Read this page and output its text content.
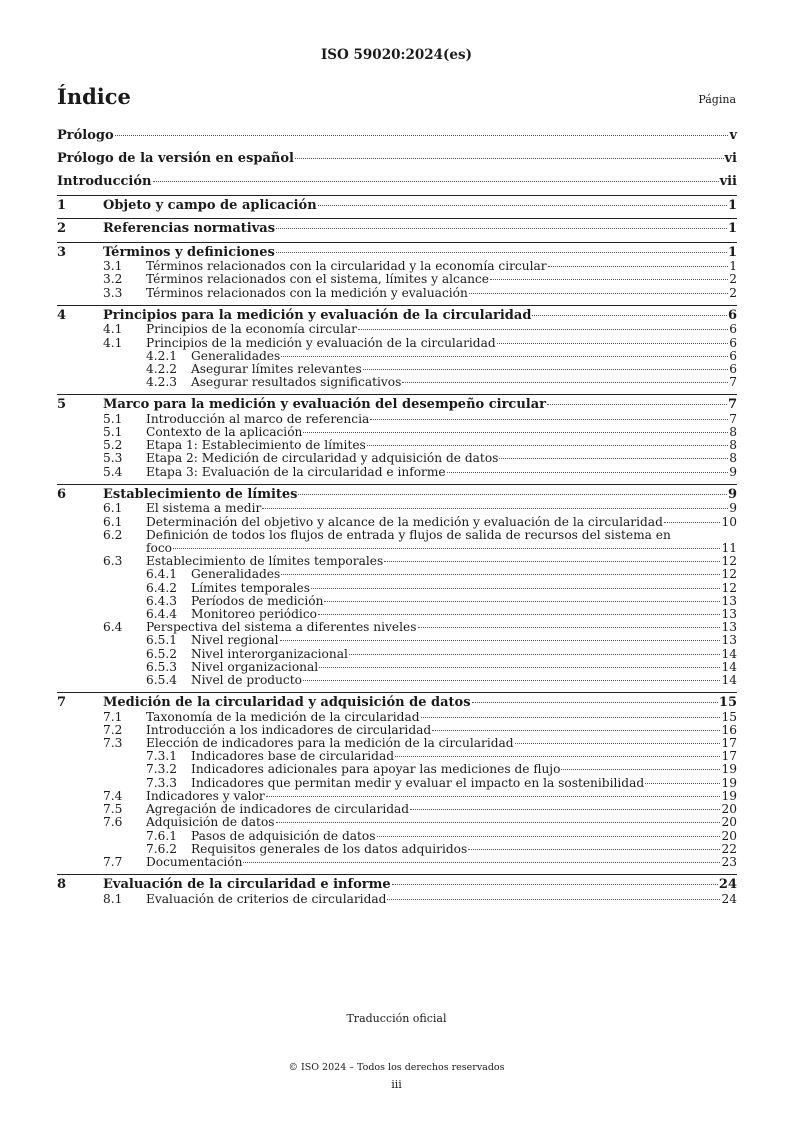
ISO 59020:2024(es)
Índice	Página
Prólogo	v
Prólogo de la versión en español	vi
Introducción	vii
1	Objeto y campo de aplicación	1
2	Referencias normativas	1
3	Términos y definiciones	1
3.1	Términos relacionados con la circularidad y la economía circular	1
3.2	Términos relacionados con el sistema, límites y alcance	2
3.3	Términos relacionados con la medición y evaluación	2
4	Principios para la medición y evaluación de la circularidad	6
4.1	Principios de la economía circular	6
4.1	Principios de la medición y evaluación de la circularidad	6
4.2.1	Generalidades	6
4.2.2	Asegurar límites relevantes	6
4.2.3	Asegurar resultados significativos	7
5	Marco para la medición y evaluación del desempeño circular	7
5.1	Introducción al marco de referencia	7
5.1	Contexto de la aplicación	8
5.2	Etapa 1: Establecimiento de límites	8
5.3	Etapa 2: Medición de circularidad y adquisición de datos	8
5.4	Etapa 3: Evaluación de la circularidad e informe	9
6	Establecimiento de límites	9
6.1	El sistema a medir	9
6.1	Determinación del objetivo y alcance de la medición y evaluación de la circularidad	10
6.2	Definición de todos los flujos de entrada y flujos de salida de recursos del sistema en
foco	11
6.3	Establecimiento de límites temporales	12
6.4.1	Generalidades	12
6.4.2	Límites temporales	12
6.4.3	Períodos de medición	13
6.4.4	Monitoreo periódico	13
6.4	Perspectiva del sistema a diferentes niveles	13
6.5.1	Nivel regional	13
6.5.2	Nivel interorganizacional	14
6.5.3	Nivel organizacional	14
6.5.4	Nivel de producto	14
7	Medición de la circularidad y adquisición de datos	15
7.1	Taxonomía de la medición de la circularidad	15
7.2	Introducción a los indicadores de circularidad	16
7.3	Elección de indicadores para la medición de la circularidad	17
7.3.1	Indicadores base de circularidad	17
7.3.2	Indicadores adicionales para apoyar las mediciones de flujo	19
7.3.3	Indicadores que permitan medir y evaluar el impacto en la sostenibilidad	19
7.4	Indicadores y valor	19
7.5	Agregación de indicadores de circularidad	20
7.6	Adquisición de datos	20
7.6.1	Pasos de adquisición de datos	20
7.6.2	Requisitos generales de los datos adquiridos	22
7.7	Documentación	23
8	Evaluación de la circularidad e informe	24
8.1	Evaluación de criterios de circularidad	24
Traducción oficial
© ISO 2024 – Todos los derechos reservados
iii
